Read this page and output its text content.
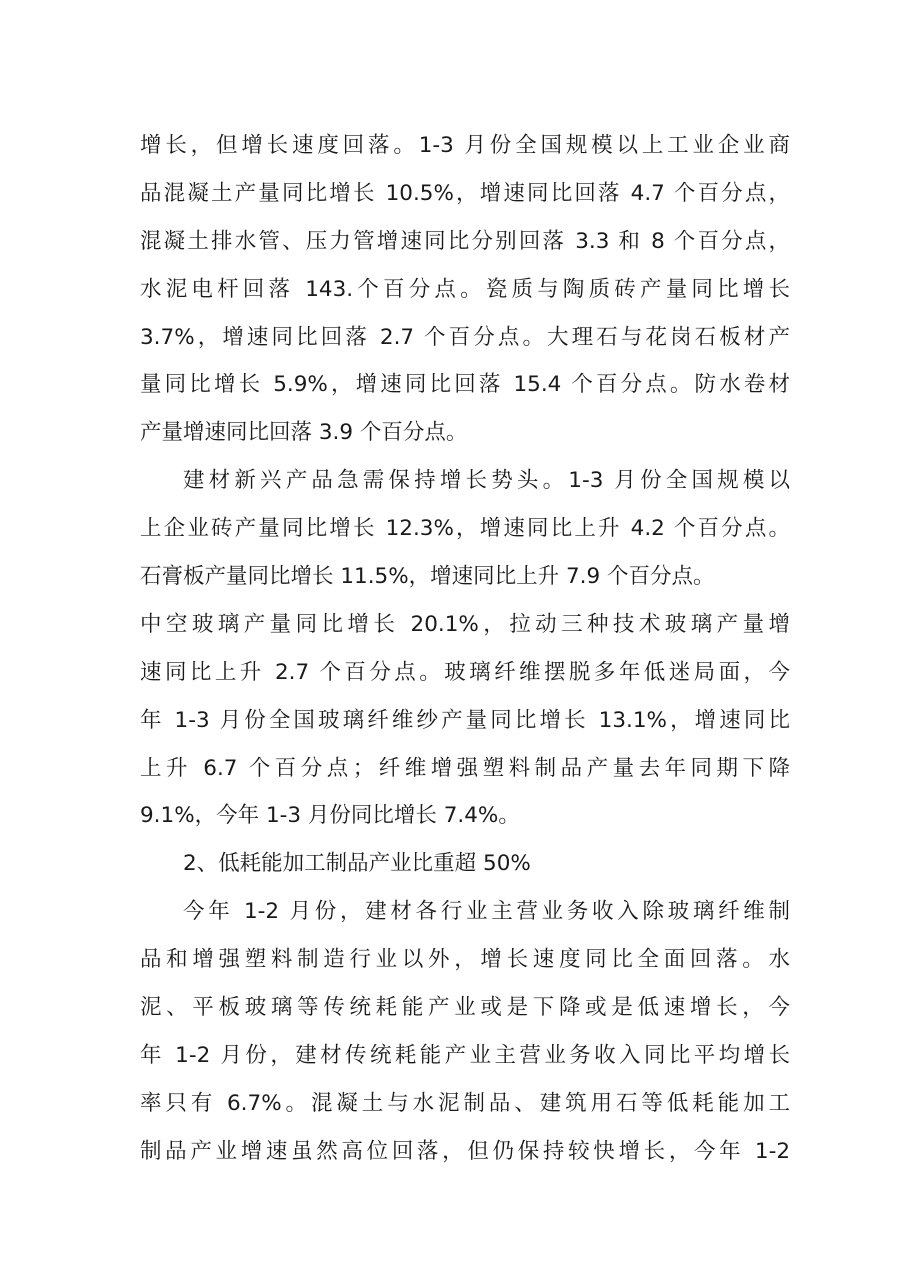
增长，但增长速度回落。1-3 月份全国规模以上工业企业商
品混凝土产量同比增长 10.5%，增速同比回落 4.7 个百分点，
混凝土排水管、压力管增速同比分别回落 3.3 和 8 个百分点，
水泥电杆回落 143.个百分点。瓷质与陶质砖产量同比增长
3.7%，增速同比回落 2.7 个百分点。大理石与花岗石板材产
量同比增长 5.9%，增速同比回落 15.4 个百分点。防水卷材
产量增速同比回落 3.9 个百分点。
建材新兴产品急需保持增长势头。1-3 月份全国规模以
上企业砖产量同比增长 12.3%，增速同比上升 4.2 个百分点。
石膏板产量同比增长 11.5%，增速同比上升 7.9 个百分点。
中空玻璃产量同比增长 20.1%，拉动三种技术玻璃产量增
速同比上升 2.7 个百分点。玻璃纤维摆脱多年低迷局面，今
年 1-3 月份全国玻璃纤维纱产量同比增长 13.1%，增速同比
上升 6.7 个百分点；纤维增强塑料制品产量去年同期下降
9.1%，今年 1-3 月份同比增长 7.4%。
2、低耗能加工制品产业比重超 50%
今年 1-2 月份，建材各行业主营业务收入除玻璃纤维制
品和增强塑料制造行业以外，增长速度同比全面回落。水
泥、平板玻璃等传统耗能产业或是下降或是低速增长，今
年 1-2 月份，建材传统耗能产业主营业务收入同比平均增长
率只有 6.7%。混凝土与水泥制品、建筑用石等低耗能加工
制品产业增速虽然高位回落，但仍保持较快增长，今年 1-2
